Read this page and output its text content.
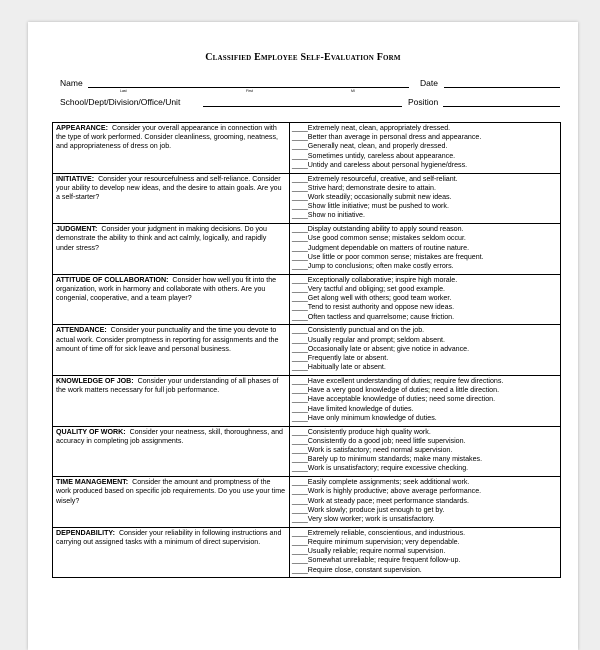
Classified Employee Self-Evaluation Form
Name
Last	First	MI
Date
School/Dept/Division/Office/Unit	Position
APPEARANCE: Consider your overall appearance in connection with the type of work performed. Consider cleanliness, grooming, neatness, and appropriateness of dress on job.	____Extremely neat, clean, appropriately dressed.
____Better than average in personal dress and appearance.
____Generally neat, clean, and properly dressed.
____Sometimes untidy, careless about appearance.
____Untidy and careless about personal hygiene/dress.

INITIATIVE: Consider your resourcefulness and self-reliance. Consider your ability to develop new ideas, and the desire to attain goals. Are you a self-starter?	____Extremely resourceful, creative, and self-reliant.
____Strive hard; demonstrate desire to attain.
____Work steadily; occasionally submit new ideas.
____Show little initiative; must be pushed to work.
____Show no initiative.

JUDGMENT: Consider your judgment in making decisions. Do you demonstrate the ability to think and act calmly, logically, and rapidly under stress?	____Display outstanding ability to apply sound reason.
____Use good common sense; mistakes seldom occur.
____Judgment dependable on matters of routine nature.
____Use little or poor common sense; mistakes are frequent.
____Jump to conclusions; often make costly errors.

ATTITUDE OF COLLABORATION: Consider how well you fit into the organization, work in harmony and collaborate with others. Are you congenial, cooperative, and a team player?	____Exceptionally collaborative; inspire high morale.
____Very tactful and obliging; set good example.
____Get along well with others; good team worker.
____Tend to resist authority and oppose new ideas.
____Often tactless and quarrelsome; cause friction.

ATTENDANCE: Consider your punctuality and the time you devote to actual work. Consider promptness in reporting for assignments and the amount of time off for sick leave and personal business.	____Consistently punctual and on the job.
____Usually regular and prompt; seldom absent.
____Occasionally late or absent; give notice in advance.
____Frequently late or absent.
____Habitually late or absent.

KNOWLEDGE OF JOB: Consider your understanding of all phases of the work matters necessary for full job performance.	____Have excellent understanding of duties; require few directions.
____Have a very good knowledge of duties; need a little direction.
____Have acceptable knowledge of duties; need some direction.
____Have limited knowledge of duties.
____Have only minimum knowledge of duties.

QUALITY OF WORK: Consider your neatness, skill, thoroughness, and accuracy in completing job assignments.	____Consistently produce high quality work.
____Consistently do a good job; need little supervision.
____Work is satisfactory; need normal supervision.
____Barely up to minimum standards; make many mistakes.
____Work is unsatisfactory; require excessive checking.

TIME MANAGEMENT: Consider the amount and promptness of the work produced based on specific job requirements. Do you use your time wisely?	____Easily complete assignments; seek additional work.
____Work is highly productive; above average performance.
____Work at steady pace; meet performance standards.
____Work slowly; produce just enough to get by.
____Very slow worker; work is unsatisfactory.

DEPENDABILITY: Consider your reliability in following instructions and carrying out assigned tasks with a minimum of direct supervision.	____Extremely reliable, conscientious, and industrious.
____Require minimum supervision; very dependable.
____Usually reliable; require normal supervision.
____Somewhat unreliable; require frequent follow-up.
____Require close, constant supervision.
